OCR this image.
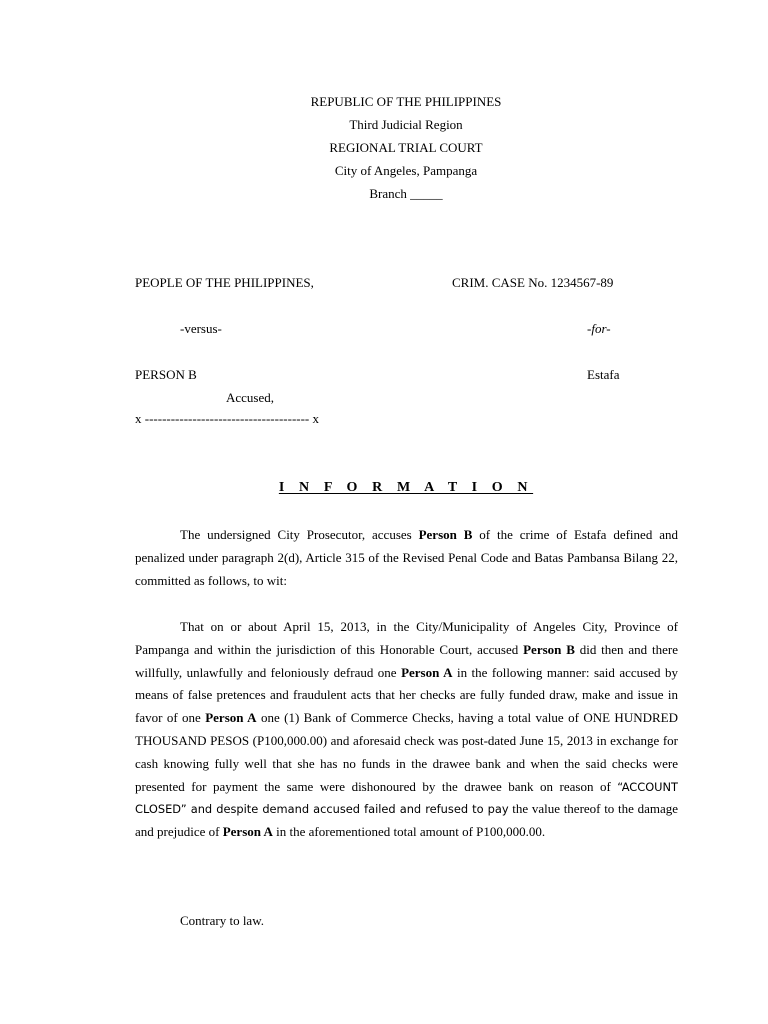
REPUBLIC OF THE PHILIPPINES
Third Judicial Region
REGIONAL TRIAL COURT
City of Angeles, Pampanga
Branch _____
PEOPLE OF THE PHILIPPINES,	CRIM. CASE No. 1234567-89
-versus-	-for-
PERSON B	Estafa
Accused,
x -------------------------------------- x
I N F O R M A T I O N
The undersigned City Prosecutor, accuses Person B of the crime of Estafa defined and penalized under paragraph 2(d), Article 315 of the Revised Penal Code and Batas Pambansa Bilang 22, committed as follows, to wit:
That on or about April 15, 2013, in the City/Municipality of Angeles City, Province of Pampanga and within the jurisdiction of this Honorable Court, accused Person B did then and there willfully, unlawfully and feloniously defraud one Person A in the following manner: said accused by means of false pretences and fraudulent acts that her checks are fully funded draw, make and issue in favor of one Person A one (1) Bank of Commerce Checks, having a total value of ONE HUNDRED THOUSAND PESOS (P100,000.00) and aforesaid check was post-dated June 15, 2013 in exchange for cash knowing fully well that she has no funds in the drawee bank and when the said checks were presented for payment the same were dishonoured by the drawee bank on reason of “ACCOUNT CLOSED” and despite demand accused failed and refused to pay the value thereof to the damage and prejudice of Person A in the aforementioned total amount of P100,000.00.
Contrary to law.
